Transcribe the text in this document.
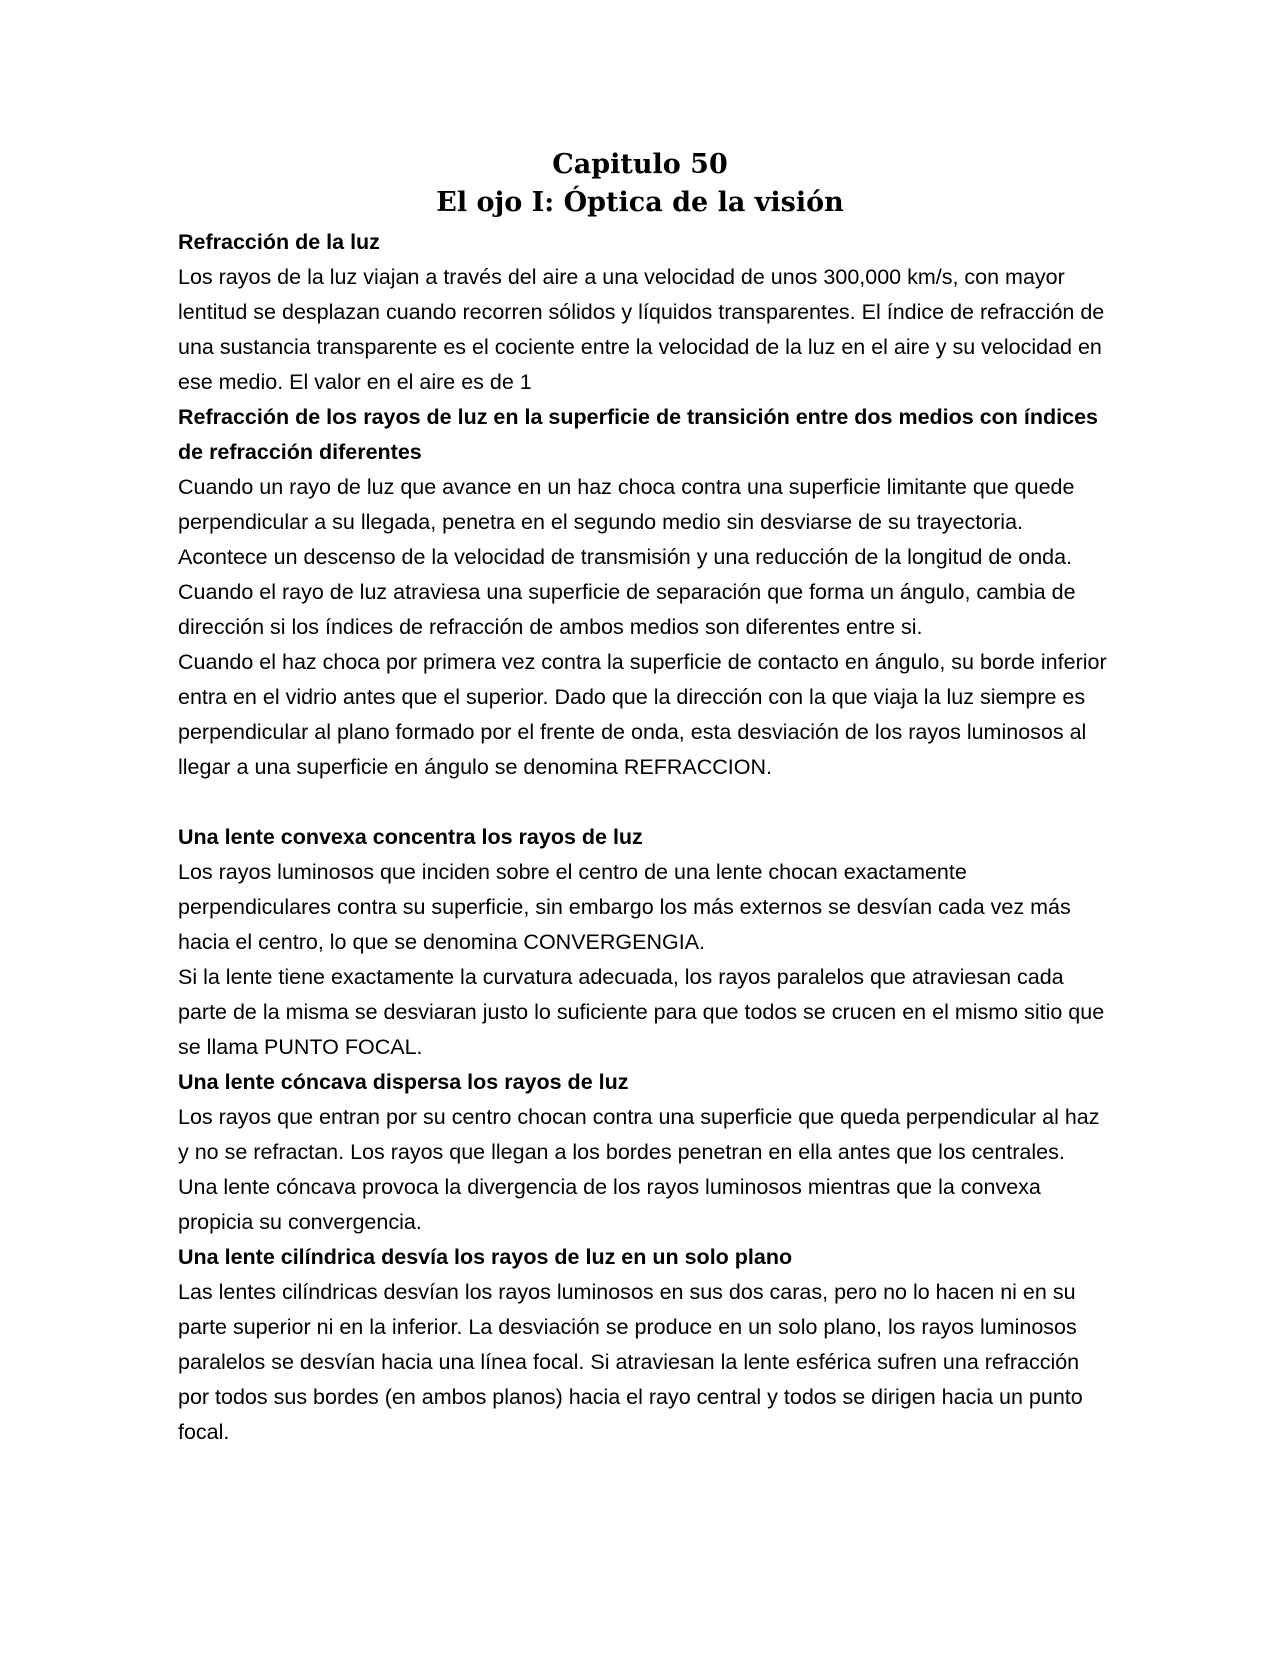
Capitulo 50
El ojo I: Óptica de la visión

Refracción de la luz

Los rayos de la luz viajan a través del aire a una velocidad de unos 300,000 km/s, con mayor lentitud se desplazan cuando recorren sólidos y líquidos transparentes. El índice de refracción de una sustancia transparente es el cociente entre la velocidad de la luz en el aire y su velocidad en ese medio. El valor en el aire es de 1

Refracción de los rayos de luz en la superficie de transición entre dos medios con índices de refracción diferentes

Cuando un rayo de luz que avance en un haz choca contra una superficie limitante que quede perpendicular a su llegada, penetra en el segundo medio sin desviarse de su trayectoria. Acontece un descenso de la velocidad de transmisión y una reducción de la longitud de onda.

Cuando el rayo de luz atraviesa una superficie de separación que forma un ángulo, cambia de dirección si los índices de refracción de ambos medios son diferentes entre si.

Cuando el haz choca por primera vez contra la superficie de contacto en ángulo, su borde inferior entra en el vidrio antes que el superior. Dado que la dirección con la que viaja la luz siempre es perpendicular al plano formado por el frente de onda, esta desviación de los rayos luminosos al llegar a una superficie en ángulo se denomina REFRACCION.

Una lente convexa concentra los rayos de luz

Los rayos luminosos que inciden sobre el centro de una lente chocan exactamente perpendiculares contra su superficie, sin embargo los más externos se desvían cada vez más hacia el centro, lo que se denomina CONVERGENGIA.

Si la lente tiene exactamente la curvatura adecuada, los rayos paralelos que atraviesan cada parte de la misma se desviaran justo lo suficiente para que todos se crucen en el mismo sitio que se llama PUNTO FOCAL.

Una lente cóncava dispersa los rayos de luz

Los rayos que entran por su centro chocan contra una superficie que queda perpendicular al haz y no se refractan. Los rayos que llegan a los bordes penetran en ella antes que los centrales. Una lente cóncava provoca la divergencia de los rayos luminosos mientras que la convexa propicia su convergencia.

Una lente cilíndrica desvía los rayos de luz en un solo plano

Las lentes cilíndricas desvían los rayos luminosos en sus dos caras, pero no lo hacen ni en su parte superior ni en la inferior. La desviación se produce en un solo plano, los rayos luminosos paralelos se desvían hacia una línea focal. Si atraviesan la lente esférica sufren una refracción por todos sus bordes (en ambos planos) hacia el rayo central y todos se dirigen hacia un punto focal.
